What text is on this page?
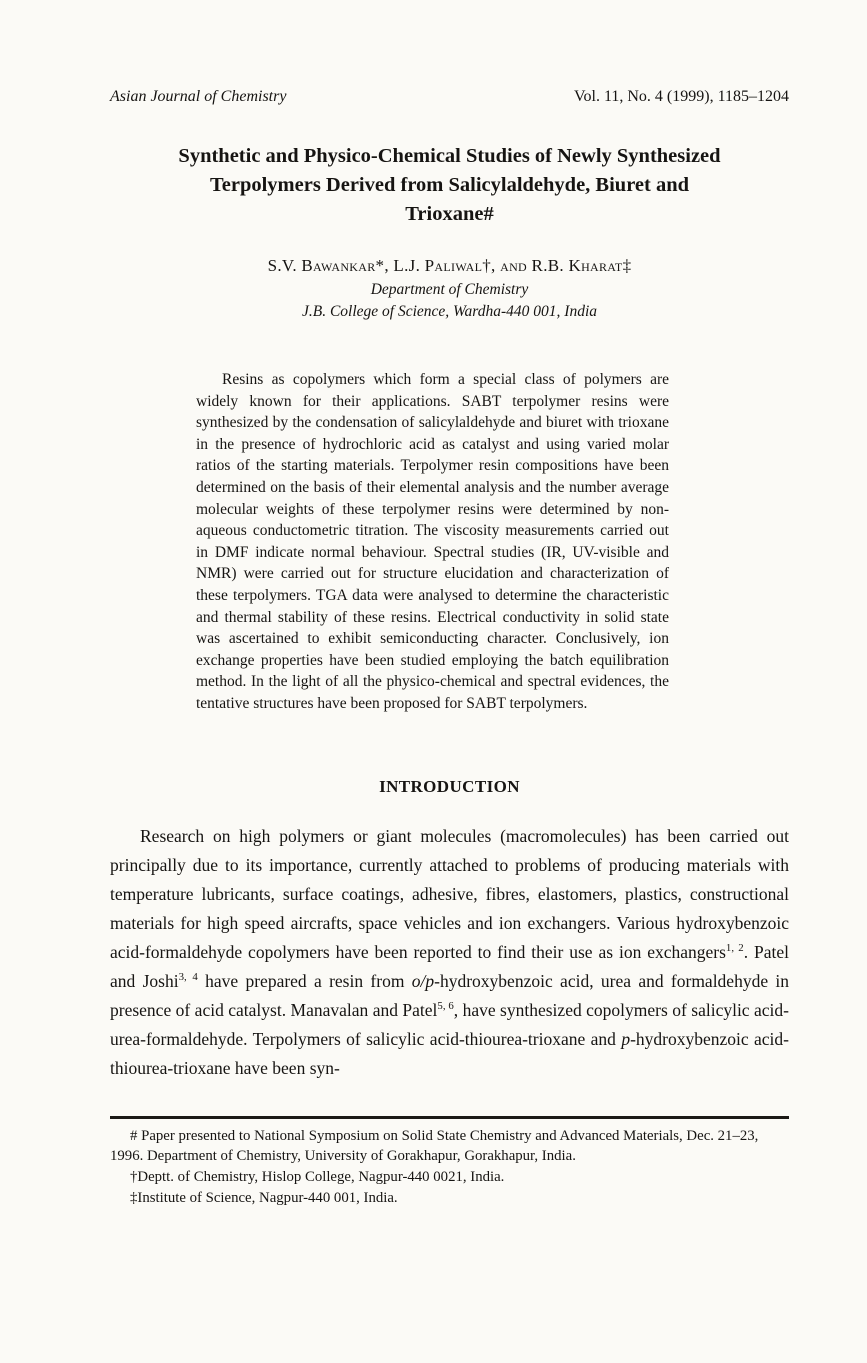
Asian Journal of Chemistry	Vol. 11, No. 4 (1999), 1185–1204
Synthetic and Physico-Chemical Studies of Newly Synthesized
Terpolymers Derived from Salicylaldehyde, Biuret and
Trioxane#
S.V. Bawankar*, L.J. Paliwal†, and R.B. Kharat‡
Department of Chemistry
J.B. College of Science, Wardha-440 001, India

Resins as copolymers which form a special class of polymers are widely known for their applications. SABT terpolymer resins were synthesized by the condensation of salicylaldehyde and biuret with trioxane in the presence of hydrochloric acid as catalyst and using varied molar ratios of the starting materials. Terpolymer resin compositions have been determined on the basis of their elemental analysis and the number average molecular weights of these terpolymer resins were determined by non-aqueous conductometric titration. The viscosity measurements carried out in DMF indicate normal behaviour. Spectral studies (IR, UV-visible and NMR) were carried out for structure elucidation and characterization of these terpolymers. TGA data were analysed to determine the characteristic and thermal stability of these resins. Electrical conductivity in solid state was ascertained to exhibit semiconducting character. Conclusively, ion exchange properties have been studied employing the batch equilibration method. In the light of all the physico-chemical and spectral evidences, the tentative structures have been proposed for SABT terpolymers.

INTRODUCTION

Research on high polymers or giant molecules (macromolecules) has been carried out principally due to its importance, currently attached to problems of producing materials with temperature lubricants, surface coatings, adhesive, fibres, elastomers, plastics, constructional materials for high speed aircrafts, space vehicles and ion exchangers. Various hydroxybenzoic acid-formaldehyde copolymers have been reported to find their use as ion exchangers$^{1, 2}$. Patel and Joshi$^{3, 4}$ have prepared a resin from o/p-hydroxybenzoic acid, urea and formaldehyde in presence of acid catalyst. Manavalan and Patel$^{5, 6}$, have synthesized copolymers of salicylic acid-urea-formaldehyde. Terpolymers of salicylic acid-thiourea-trioxane and p-hydroxybenzoic acid-thiourea-trioxane have been syn-

# Paper presented to National Symposium on Solid State Chemistry and Advanced Materials, Dec. 21–23, 1996. Department of Chemistry, University of Gorakhapur, Gorakhapur, India.

†Deptt. of Chemistry, Hislop College, Nagpur-440 0021, India.

‡Institute of Science, Nagpur-440 001, India.
